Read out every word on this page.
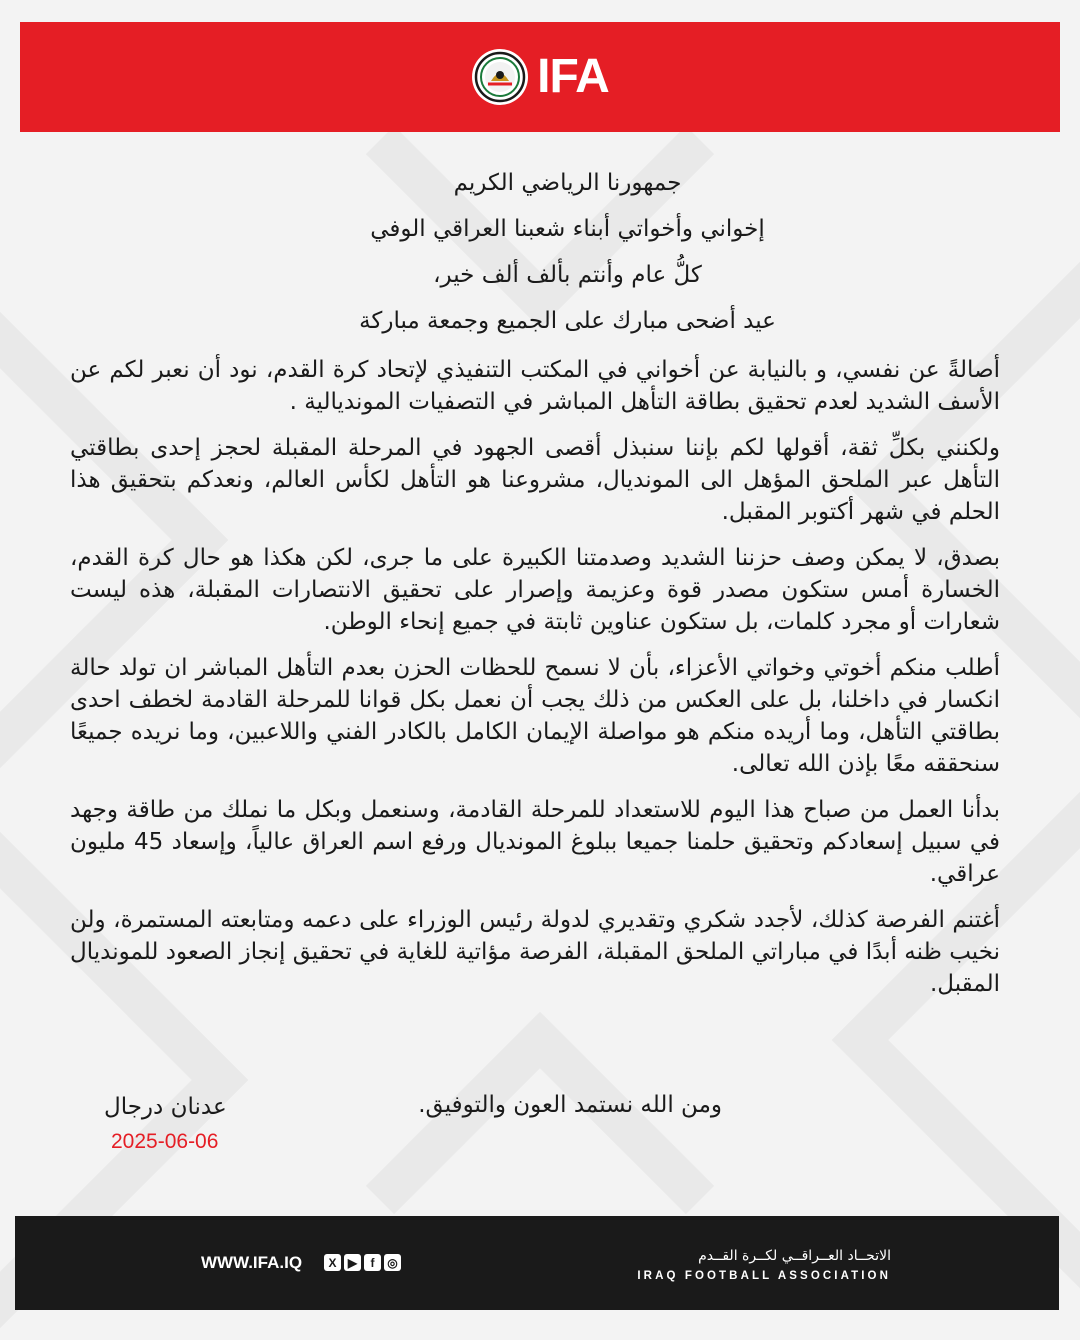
IFA

جمهورنا الرياضي الكريم

إخواني وأخواتي أبناء شعبنا العراقي الوفي

كلُّ عام وأنتم بألف ألف خير،

عيد أضحى مبارك على الجميع وجمعة مباركة

أصالةً عن نفسي، و بالنيابة عن أخواني في المكتب التنفيذي لإتحاد كرة القدم، نود أن نعبر لكم عن الأسف الشديد لعدم تحقيق بطاقة التأهل المباشر في التصفيات المونديالية .

ولكنني بكلِّ ثقة، أقولها لكم بإننا سنبذل أقصى الجهود في المرحلة المقبلة لحجز إحدى بطاقتي التأهل عبر الملحق المؤهل الى المونديال، مشروعنا هو التأهل لكأس العالم، ونعدكم بتحقيق هذا الحلم في شهر أكتوبر المقبل.

بصدق، لا يمكن وصف حزننا الشديد وصدمتنا الكبيرة على ما جرى، لكن هكذا هو حال كرة القدم، الخسارة أمس ستكون مصدر قوة وعزيمة وإصرار على تحقيق الانتصارات المقبلة، هذه ليست شعارات أو مجرد كلمات، بل ستكون عناوين ثابتة في جميع إنحاء الوطن.

أطلب منكم أخوتي وخواتي الأعزاء، بأن لا نسمح للحظات الحزن بعدم التأهل المباشر ان تولد حالة انكسار في داخلنا، بل على العكس من ذلك يجب أن نعمل بكل قوانا للمرحلة القادمة لخطف احدى بطاقتي التأهل، وما أريده منكم هو مواصلة الإيمان الكامل بالكادر الفني واللاعبين، وما نريده جميعًا سنحققه معًا بإذن الله تعالى.

بدأنا العمل من صباح هذا اليوم للاستعداد للمرحلة القادمة، وسنعمل وبكل ما نملك من طاقة وجهد في سبيل إسعادكم وتحقيق حلمنا جميعا ببلوغ المونديال ورفع اسم العراق عالياً، وإسعاد 45 مليون عراقي.

أغتنم الفرصة كذلك، لأجدد شكري وتقديري لدولة رئيس الوزراء على دعمه ومتابعته المستمرة، ولن نخيب ظنه أبدًا في مباراتي الملحق المقبلة، الفرصة مؤاتية للغاية في تحقيق إنجاز الصعود للمونديال المقبل.

ومن الله نستمد العون والتوفيق.
عدنان درجال
2025-06-06
WWW.IFA.IQ	X ▶	f	◎	الاتحــاد العــراقــي لكــرة القــدم
IRAQ FOOTBALL ASSOCIATION
